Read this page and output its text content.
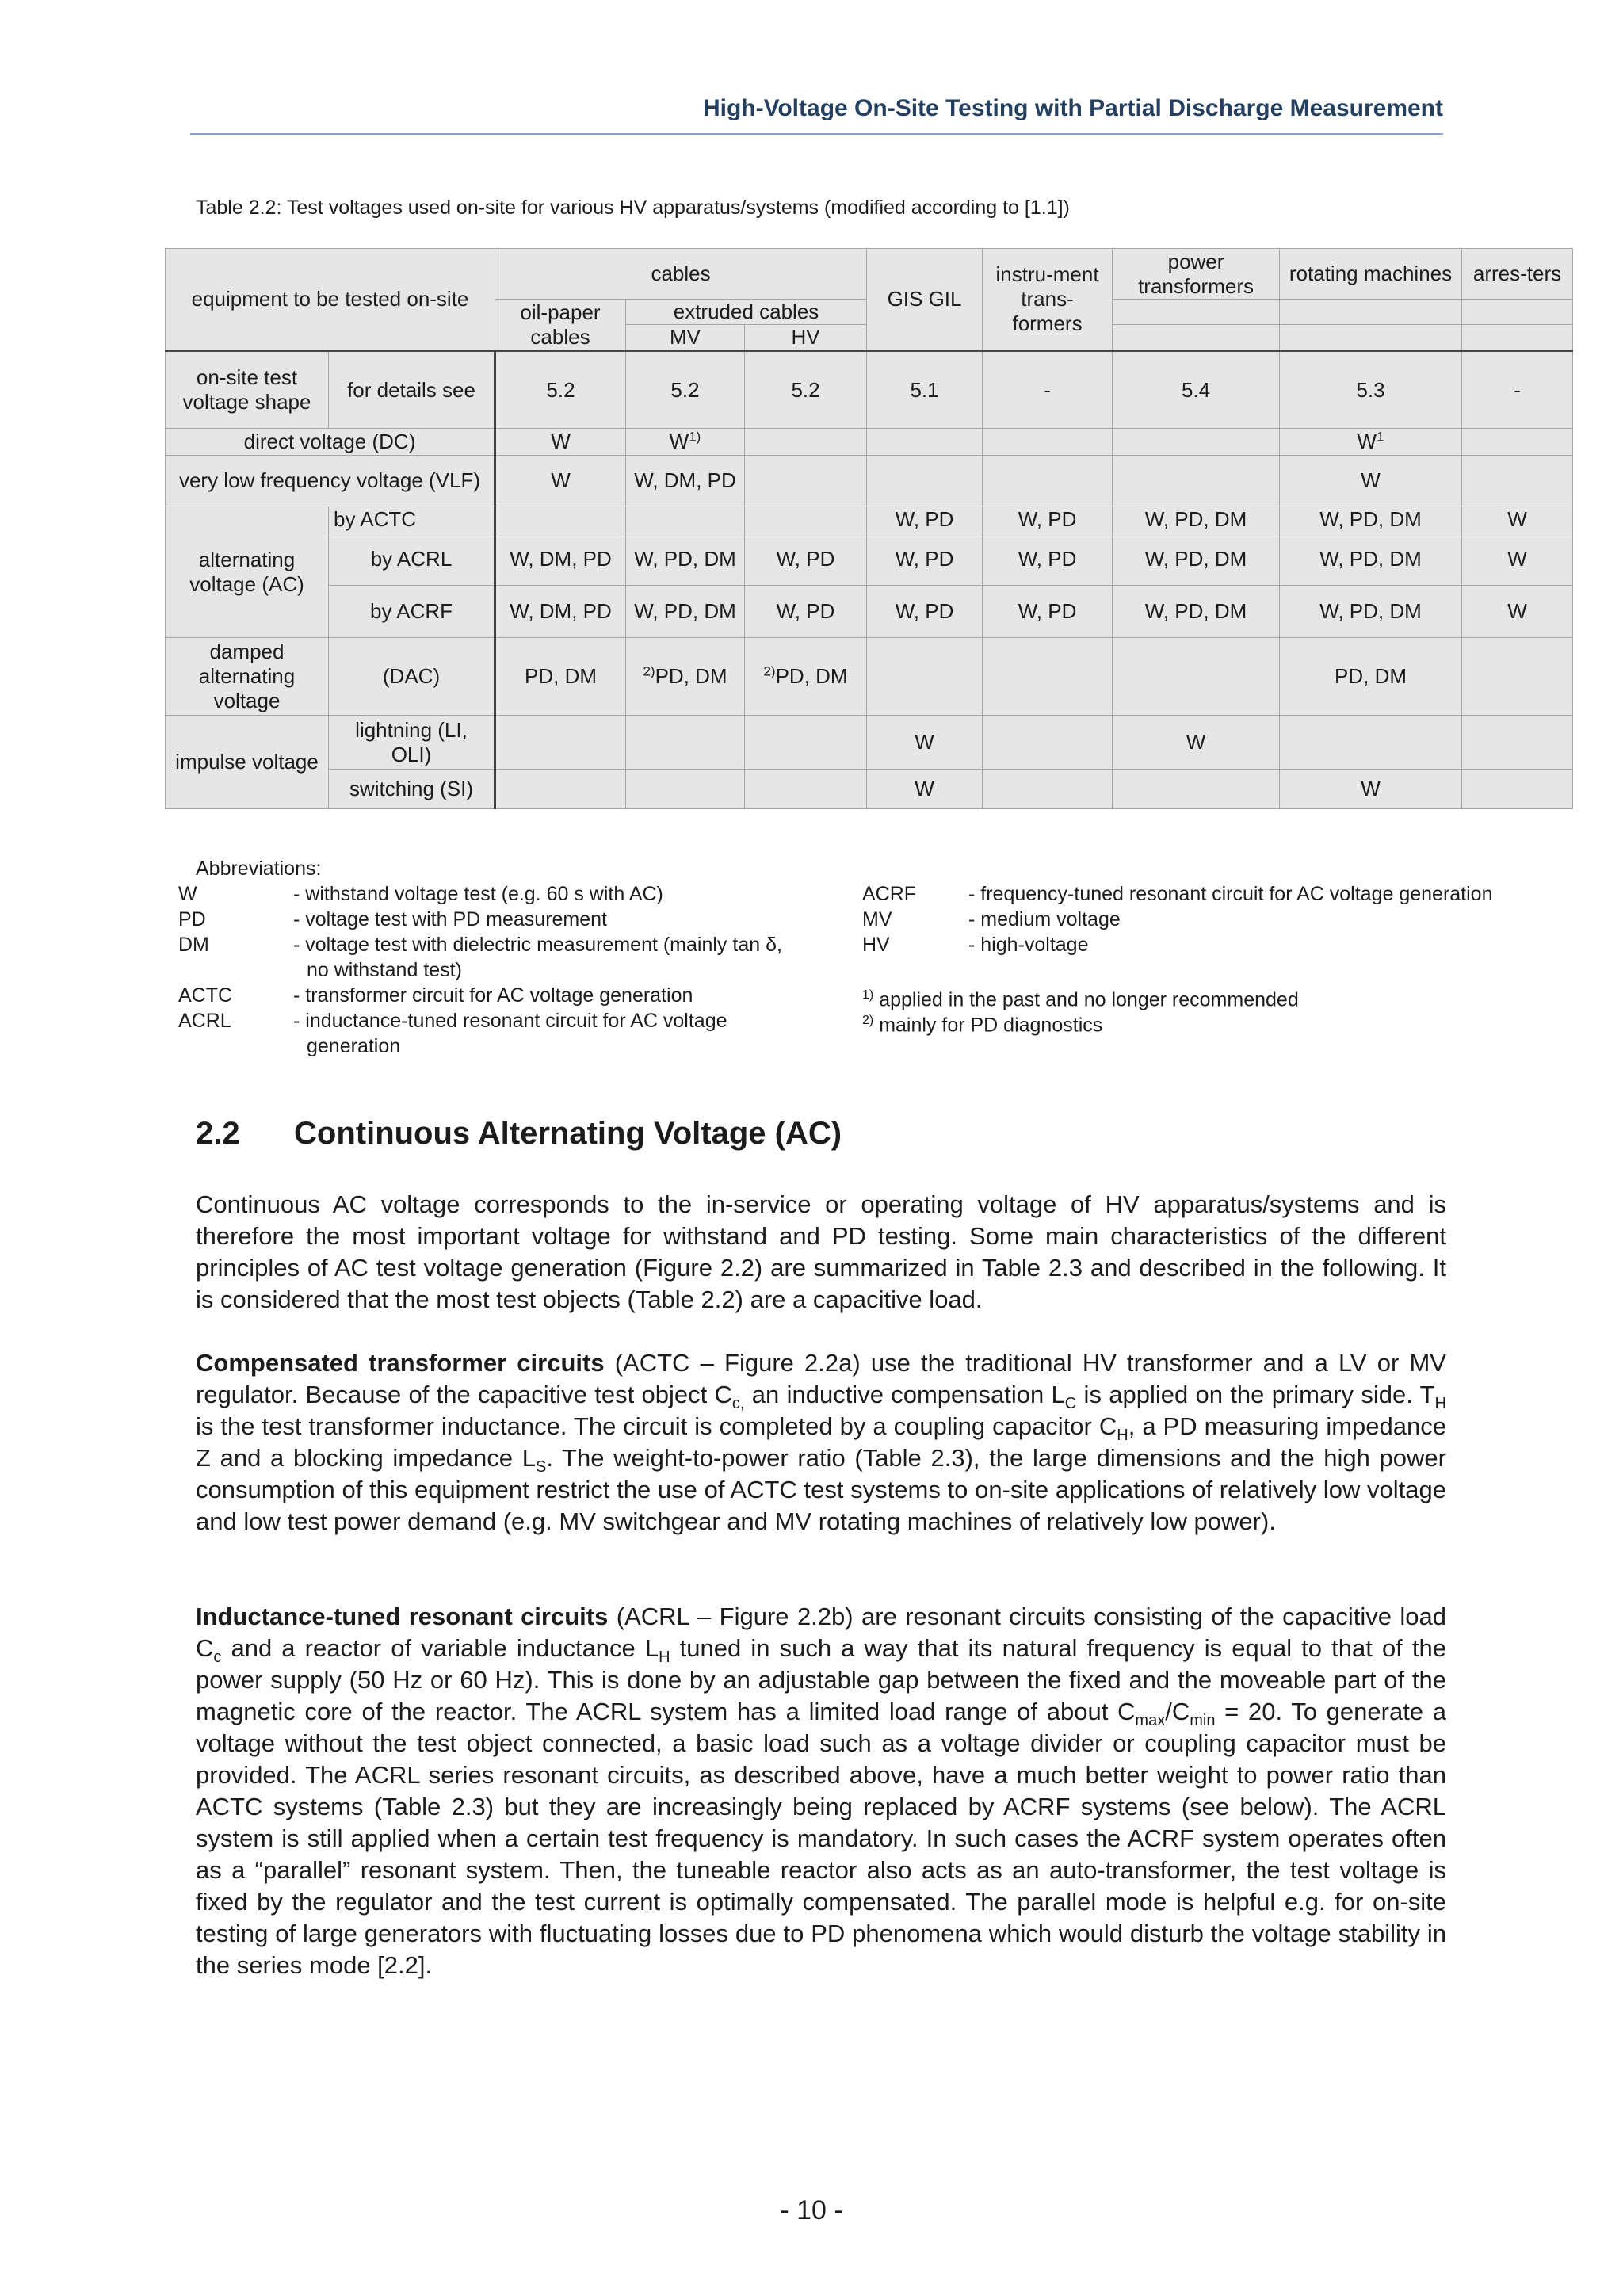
High-Voltage On-Site Testing with Partial Discharge Measurement
Table 2.2: Test voltages used on-site for various HV apparatus/systems (modified according to [1.1])
equipment to be tested on-site		cables			GIS GIL	instru-ment trans-formers	power transformers	rotating machines	arres-ters
		oil-paper cables	extruded cables						
			MV	HV					
on-site test voltage shape	for details see	5.2	5.2	5.2	5.1	-	5.4	5.3	-
direct voltage (DC)		W	$W^{1)}$					$W^1$	
very low frequency voltage (VLF)		W	W, DM, PD					W	
alternating voltage (AC)	by ACTC				W, PD	W, PD	W, PD, DM	W, PD, DM	W
	by ACRL	W, DM, PD	W, PD, DM	W, PD	W, PD	W, PD	W, PD, DM	W, PD, DM	W
	by ACRF	W, DM, PD	W, PD, DM	W, PD	W, PD	W, PD	W, PD, DM	W, PD, DM	W
damped alternating voltage	(DAC)	PD, DM	$^{2)}$PD, DM	$^{2)}$PD, DM				PD, DM	
impulse voltage	lightning (LI, OLI)				W		W		
	switching (SI)				W			W	
Abbreviations:
W	- withstand voltage test (e.g. 60 s with AC)
PD	- voltage test with PD measurement
DM	- voltage test with dielectric measurement (mainly tan δ,
no withstand test)
ACTC	- transformer circuit for AC voltage generation
ACRL	- inductance-tuned resonant circuit for AC voltage
generation
ACRF	- frequency-tuned resonant circuit for AC voltage generation
MV	- medium voltage
HV	- high-voltage
$^{1)}$ applied in the past and no longer recommended
$^{2)}$ mainly for PD diagnostics
2.2 Continuous Alternating Voltage (AC)
Continuous AC voltage corresponds to the in-service or operating voltage of HV apparatus/systems and is therefore the most important voltage for withstand and PD testing. Some main characteristics of the different principles of AC test voltage generation (Figure 2.2) are summarized in Table 2.3 and described in the following. It is considered that the most test objects (Table 2.2) are a capacitive load.
Compensated transformer circuits (ACTC – Figure 2.2a) use the traditional HV transformer and a LV or MV regulator. Because of the capacitive test object $C_{c,}$ an inductive compensation $L_C$ is applied on the primary side. $T_H$ is the test transformer inductance. The circuit is completed by a coupling capacitor $C_H$, a PD measuring impedance Z and a blocking impedance $L_S$. The weight-to-power ratio (Table 2.3), the large dimensions and the high power consumption of this equipment restrict the use of ACTC test systems to on-site applications of relatively low voltage and low test power demand (e.g. MV switchgear and MV rotating machines of relatively low power).
Inductance-tuned resonant circuits (ACRL – Figure 2.2b) are resonant circuits consisting of the capacitive load $C_c$ and a reactor of variable inductance $L_H$ tuned in such a way that its natural frequency is equal to that of the power supply (50 Hz or 60 Hz). This is done by an adjustable gap between the fixed and the moveable part of the magnetic core of the reactor. The ACRL system has a limited load range of about $C_{max}/C_{min} = 20$. To generate a voltage without the test object connected, a basic load such as a voltage divider or coupling capacitor must be provided. The ACRL series resonant circuits, as described above, have a much better weight to power ratio than ACTC systems (Table 2.3) but they are increasingly being replaced by ACRF systems (see below). The ACRL system is still applied when a certain test frequency is mandatory. In such cases the ACRF system operates often as a “parallel” resonant system. Then, the tuneable reactor also acts as an auto-transformer, the test voltage is fixed by the regulator and the test current is optimally compensated. The parallel mode is helpful e.g. for on-site testing of large generators with fluctuating losses due to PD phenomena which would disturb the voltage stability in the series mode [2.2].
- 10 -
